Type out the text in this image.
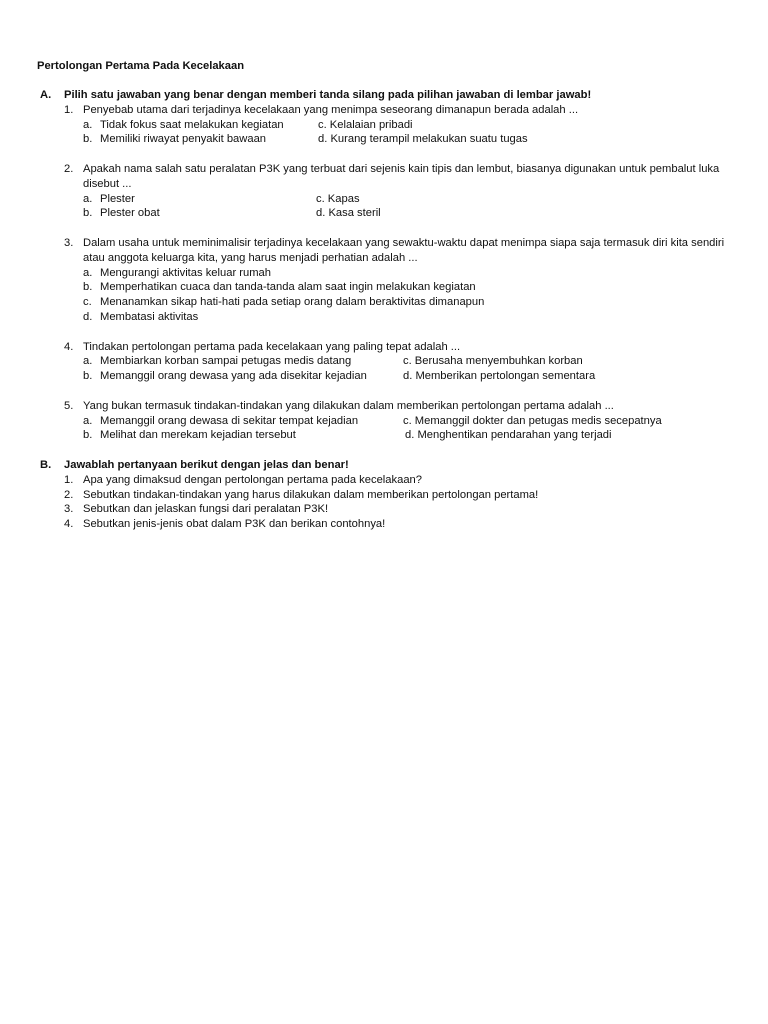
Pertolongan Pertama Pada Kecelakaan
A. Pilih satu jawaban yang benar dengan memberi tanda silang pada pilihan jawaban di lembar jawab!
1. Penyebab utama dari terjadinya kecelakaan yang menimpa seseorang dimanapun berada adalah ...
a. Tidak fokus saat melakukan kegiatan	c. Kelalaian pribadi
b. Memiliki riwayat penyakit bawaan	d. Kurang terampil melakukan suatu tugas
2. Apakah nama salah satu peralatan P3K yang terbuat dari sejenis kain tipis dan lembut, biasanya digunakan untuk pembalut luka disebut ...
a. Plester	c. Kapas
b. Plester obat	d. Kasa steril
3. Dalam usaha untuk meminimalisir terjadinya kecelakaan yang sewaktu-waktu dapat menimpa siapa saja termasuk diri kita sendiri atau anggota keluarga kita, yang harus menjadi perhatian adalah ...
a. Mengurangi aktivitas keluar rumah
b. Memperhatikan cuaca dan tanda-tanda alam saat ingin melakukan kegiatan
c. Menanamkan sikap hati-hati pada setiap orang dalam beraktivitas dimanapun
d. Membatasi aktivitas
4. Tindakan pertolongan pertama pada kecelakaan yang paling tepat adalah ...
a. Membiarkan korban sampai petugas medis datang	c. Berusaha menyembuhkan korban
b. Memanggil orang dewasa yang ada disekitar kejadian	d. Memberikan pertolongan sementara
5. Yang bukan termasuk tindakan-tindakan yang dilakukan dalam memberikan pertolongan pertama adalah ...
a. Memanggil orang dewasa di sekitar tempat kejadian	c. Memanggil dokter dan petugas medis secepatnya
b. Melihat dan merekam kejadian tersebut	d. Menghentikan pendarahan yang terjadi
B. Jawablah pertanyaan berikut dengan jelas dan benar!
1. Apa yang dimaksud dengan pertolongan pertama pada kecelakaan?
2. Sebutkan tindakan-tindakan yang harus dilakukan dalam memberikan pertolongan pertama!
3. Sebutkan dan jelaskan fungsi dari peralatan P3K!
4. Sebutkan jenis-jenis obat dalam P3K dan berikan contohnya!
